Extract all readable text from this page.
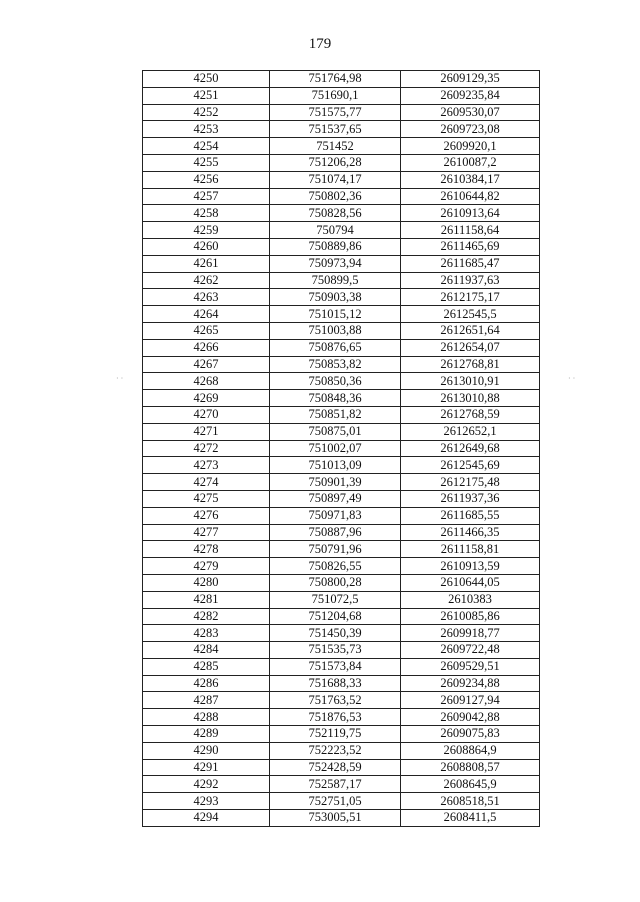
179
· ·	· ·
4250	751764,98	2609129,35
4251	751690,1	2609235,84
4252	751575,77	2609530,07
4253	751537,65	2609723,08
4254	751452	2609920,1
4255	751206,28	2610087,2
4256	751074,17	2610384,17
4257	750802,36	2610644,82
4258	750828,56	2610913,64
4259	750794	2611158,64
4260	750889,86	2611465,69
4261	750973,94	2611685,47
4262	750899,5	2611937,63
4263	750903,38	2612175,17
4264	751015,12	2612545,5
4265	751003,88	2612651,64
4266	750876,65	2612654,07
4267	750853,82	2612768,81
4268	750850,36	2613010,91
4269	750848,36	2613010,88
4270	750851,82	2612768,59
4271	750875,01	2612652,1
4272	751002,07	2612649,68
4273	751013,09	2612545,69
4274	750901,39	2612175,48
4275	750897,49	2611937,36
4276	750971,83	2611685,55
4277	750887,96	2611466,35
4278	750791,96	2611158,81
4279	750826,55	2610913,59
4280	750800,28	2610644,05
4281	751072,5	2610383
4282	751204,68	2610085,86
4283	751450,39	2609918,77
4284	751535,73	2609722,48
4285	751573,84	2609529,51
4286	751688,33	2609234,88
4287	751763,52	2609127,94
4288	751876,53	2609042,88
4289	752119,75	2609075,83
4290	752223,52	2608864,9
4291	752428,59	2608808,57
4292	752587,17	2608645,9
4293	752751,05	2608518,51
4294	753005,51	2608411,5
